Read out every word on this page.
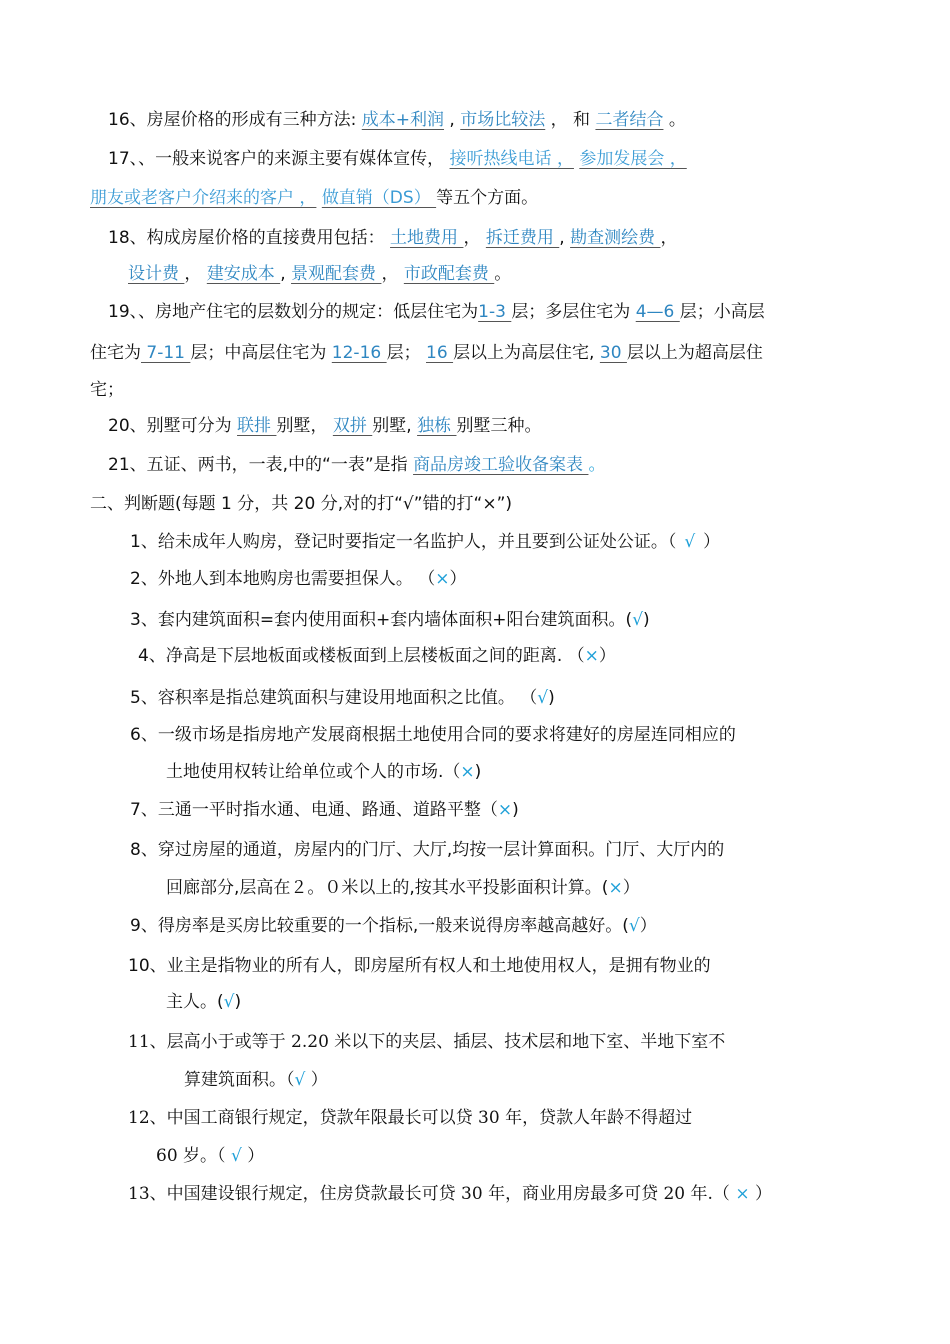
16、房屋价格的形成有三种方法: 成本+利润 , 市场比较法 ， 和 二者结合 。
17、、一般来说客户的来源主要有媒体宣传， 接听热线电话 ， 参加发展会 ，
朋友或老客户介绍来的客户 ， 做直销（DS） 等五个方面。
18、构成房屋价格的直接费用包括： 土地费用 ， 拆迁费用 , 勘查测绘费 ，
设计费 ， 建安成本 , 景观配套费 ， 市政配套费 。
19、、房地产住宅的层数划分的规定：低层住宅为1-3 层；多层住宅为 4—6 层；小高层
住宅为 7-11 层；中高层住宅为 12-16 层； 16 层以上为高层住宅, 30 层以上为超高层住
宅；
20、别墅可分为 联排 别墅， 双拼 别墅, 独栋 别墅三种。
21、五证、两书，一表,中的“一表”是指 商品房竣工验收备案表 。
二、判断题(每题 1 分，共 20 分,对的打“√”错的打“×”)
1、给未成年人购房，登记时要指定一名监护人，并且要到公证处公证。（ √ ）
2、外地人到本地购房也需要担保人。 （×）
3、套内建筑面积=套内使用面积+套内墙体面积+阳台建筑面积。(√)
4、净高是下层地板面或楼板面到上层楼板面之间的距离. （×）
5、容积率是指总建筑面积与建设用地面积之比值。 （√)
6、一级市场是指房地产发展商根据土地使用合同的要求将建好的房屋连同相应的
土地使用权转让给单位或个人的市场.（×)
7、三通一平时指水通、电通、路通、道路平整（×)
8、穿过房屋的通道，房屋内的门厅、大厅,均按一层计算面积。门厅、大厅内的
回廊部分,层高在２。０米以上的,按其水平投影面积计算。(×）
9、得房率是买房比较重要的一个指标,一般来说得房率越高越好。(√）
10、业主是指物业的所有人，即房屋所有权人和土地使用权人，是拥有物业的
主人。(√)
11、层高小于或等于 2.20 米以下的夹层、插层、技术层和地下室、半地下室不
算建筑面积。（√ ）
12、中国工商银行规定，贷款年限最长可以贷 30 年，贷款人年龄不得超过
60 岁。（ √ ）
13、中国建设银行规定，住房贷款最长可贷 30 年，商业用房最多可贷 20 年.（ × ）
